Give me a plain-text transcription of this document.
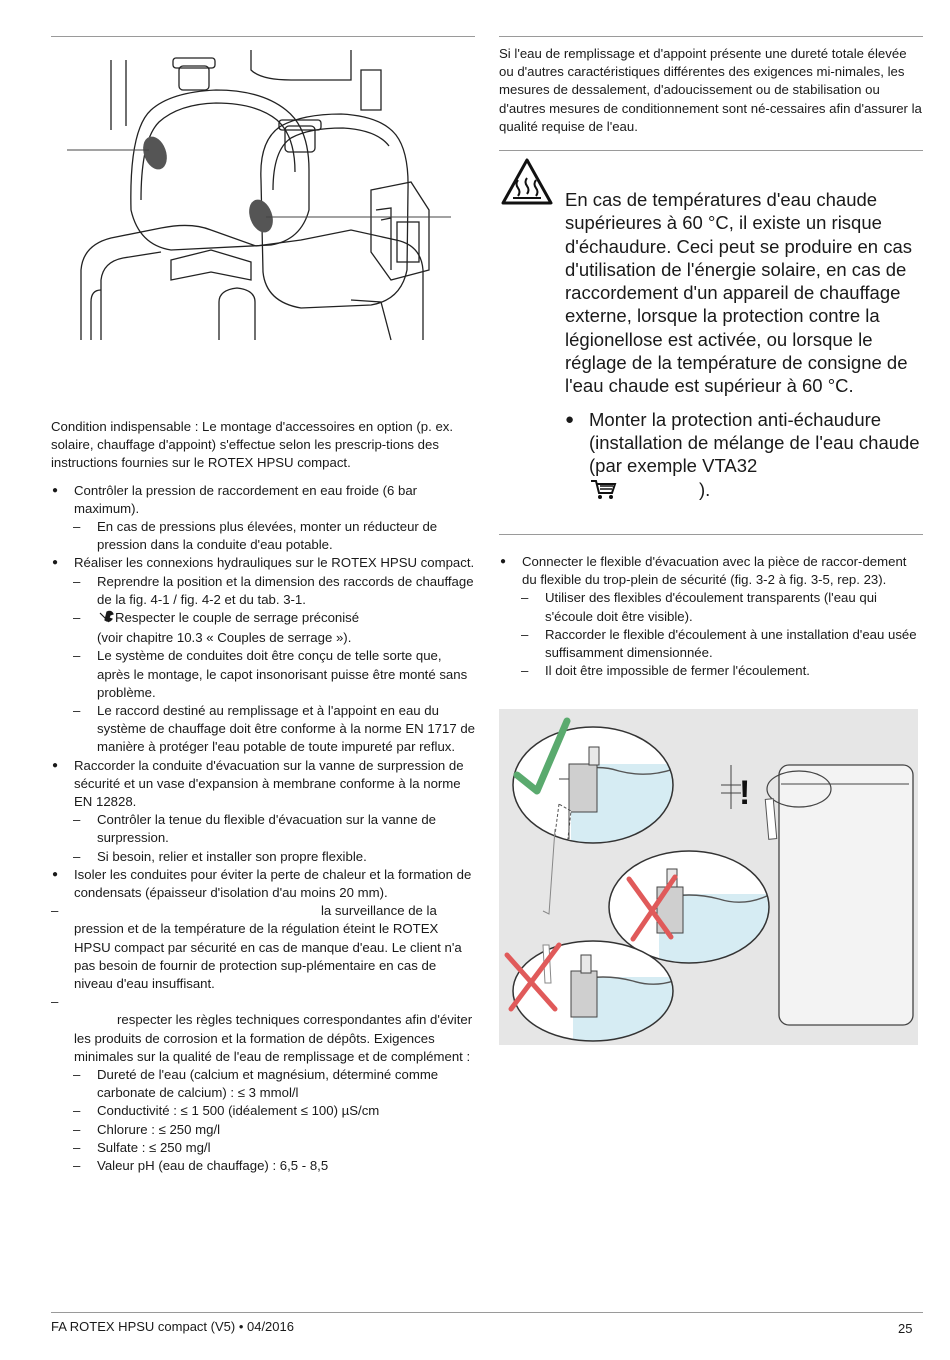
Condition indispensable : Le montage d'accessoires en option (p. ex. solaire, chauffage d'appoint) s'effectue selon les prescrip-tions des instructions fournies sur le ROTEX HPSU compact.
● Contrôler la pression de raccordement en eau froide (6 bar maximum).
– En cas de pressions plus élevées, monter un réducteur de pression dans la conduite d'eau potable.
● Réaliser les connexions hydrauliques sur le ROTEX HPSU compact.
– Reprendre la position et la dimension des raccords de chauffage de la fig. 4-1 / fig. 4-2 et du tab. 3-1.
–	Respecter le couple de serrage préconisé
(voir chapitre 10.3 « Couples de serrage »).
– Le système de conduites doit être conçu de telle sorte que, après le montage, le capot insonorisant puisse être monté sans problème.
– Le raccord destiné au remplissage et à l'appoint en eau du système de chauffage doit être conforme à la norme EN 1717 de manière à protéger l'eau potable de toute impureté par reflux.
● Raccorder la conduite d'évacuation sur la vanne de surpression de sécurité et un vase d'expansion à membrane conforme à la norme EN 12828.
– Contrôler la tenue du flexible d'évacuation sur la vanne de surpression.
– Si besoin, relier et installer son propre flexible.
● Isoler les conduites pour éviter la perte de chaleur et la formation de condensats (épaisseur d'isolation d'au moins 20 mm).
–	la surveillance de la
pression et de la température de la régulation éteint le ROTEX HPSU compact par sécurité en cas de manque d'eau. Le client n'a pas besoin de fournir de protection sup-plémentaire en cas de niveau d'eau insuffisant.
–
respecter les règles techniques correspondantes afin d'éviter les produits de corrosion et la formation de dépôts. Exigences minimales sur la qualité de l'eau de remplissage et de complément :
– Dureté de l'eau (calcium et magnésium, déterminé comme carbonate de calcium) : ≤ 3 mmol/l
– Conductivité : ≤ 1 500 (idéalement ≤ 100) µS/cm
– Chlorure : ≤ 250 mg/l
– Sulfate : ≤ 250 mg/l
– Valeur pH (eau de chauffage) : 6,5 - 8,5
Si l'eau de remplissage et d'appoint présente une dureté totale élevée ou d'autres caractéristiques différentes des exigences mi-nimales, les mesures de dessalement, d'adoucissement ou de stabilisation ou d'autres mesures de conditionnement sont né-cessaires afin d'assurer la qualité requise de l'eau.
En cas de températures d'eau chaude supérieures à 60 °C, il existe un risque d'échaudure. Ceci peut se produire en cas d'utilisation de l'énergie solaire, en cas de raccordement d'un appareil de chauffage externe, lorsque la protection contre la légionellose est activée, ou lorsque le réglage de la température de consigne de l'eau chaude est supérieur à 60 °C.
● Monter la protection anti-échaudure (installation de mélange de l'eau chaude (par exemple VTA32
).
● Connecter le flexible d'évacuation avec la pièce de raccor-dement du flexible du trop-plein de sécurité (fig. 3-2 à fig. 3-5, rep. 23).
– Utiliser des flexibles d'écoulement transparents (l'eau qui s'écoule doit être visible).
– Raccorder le flexible d'écoulement à une installation d'eau usée suffisamment dimensionnée.
– Il doit être impossible de fermer l'écoulement.
!
FA ROTEX HPSU compact (V5) • 04/2016	25
